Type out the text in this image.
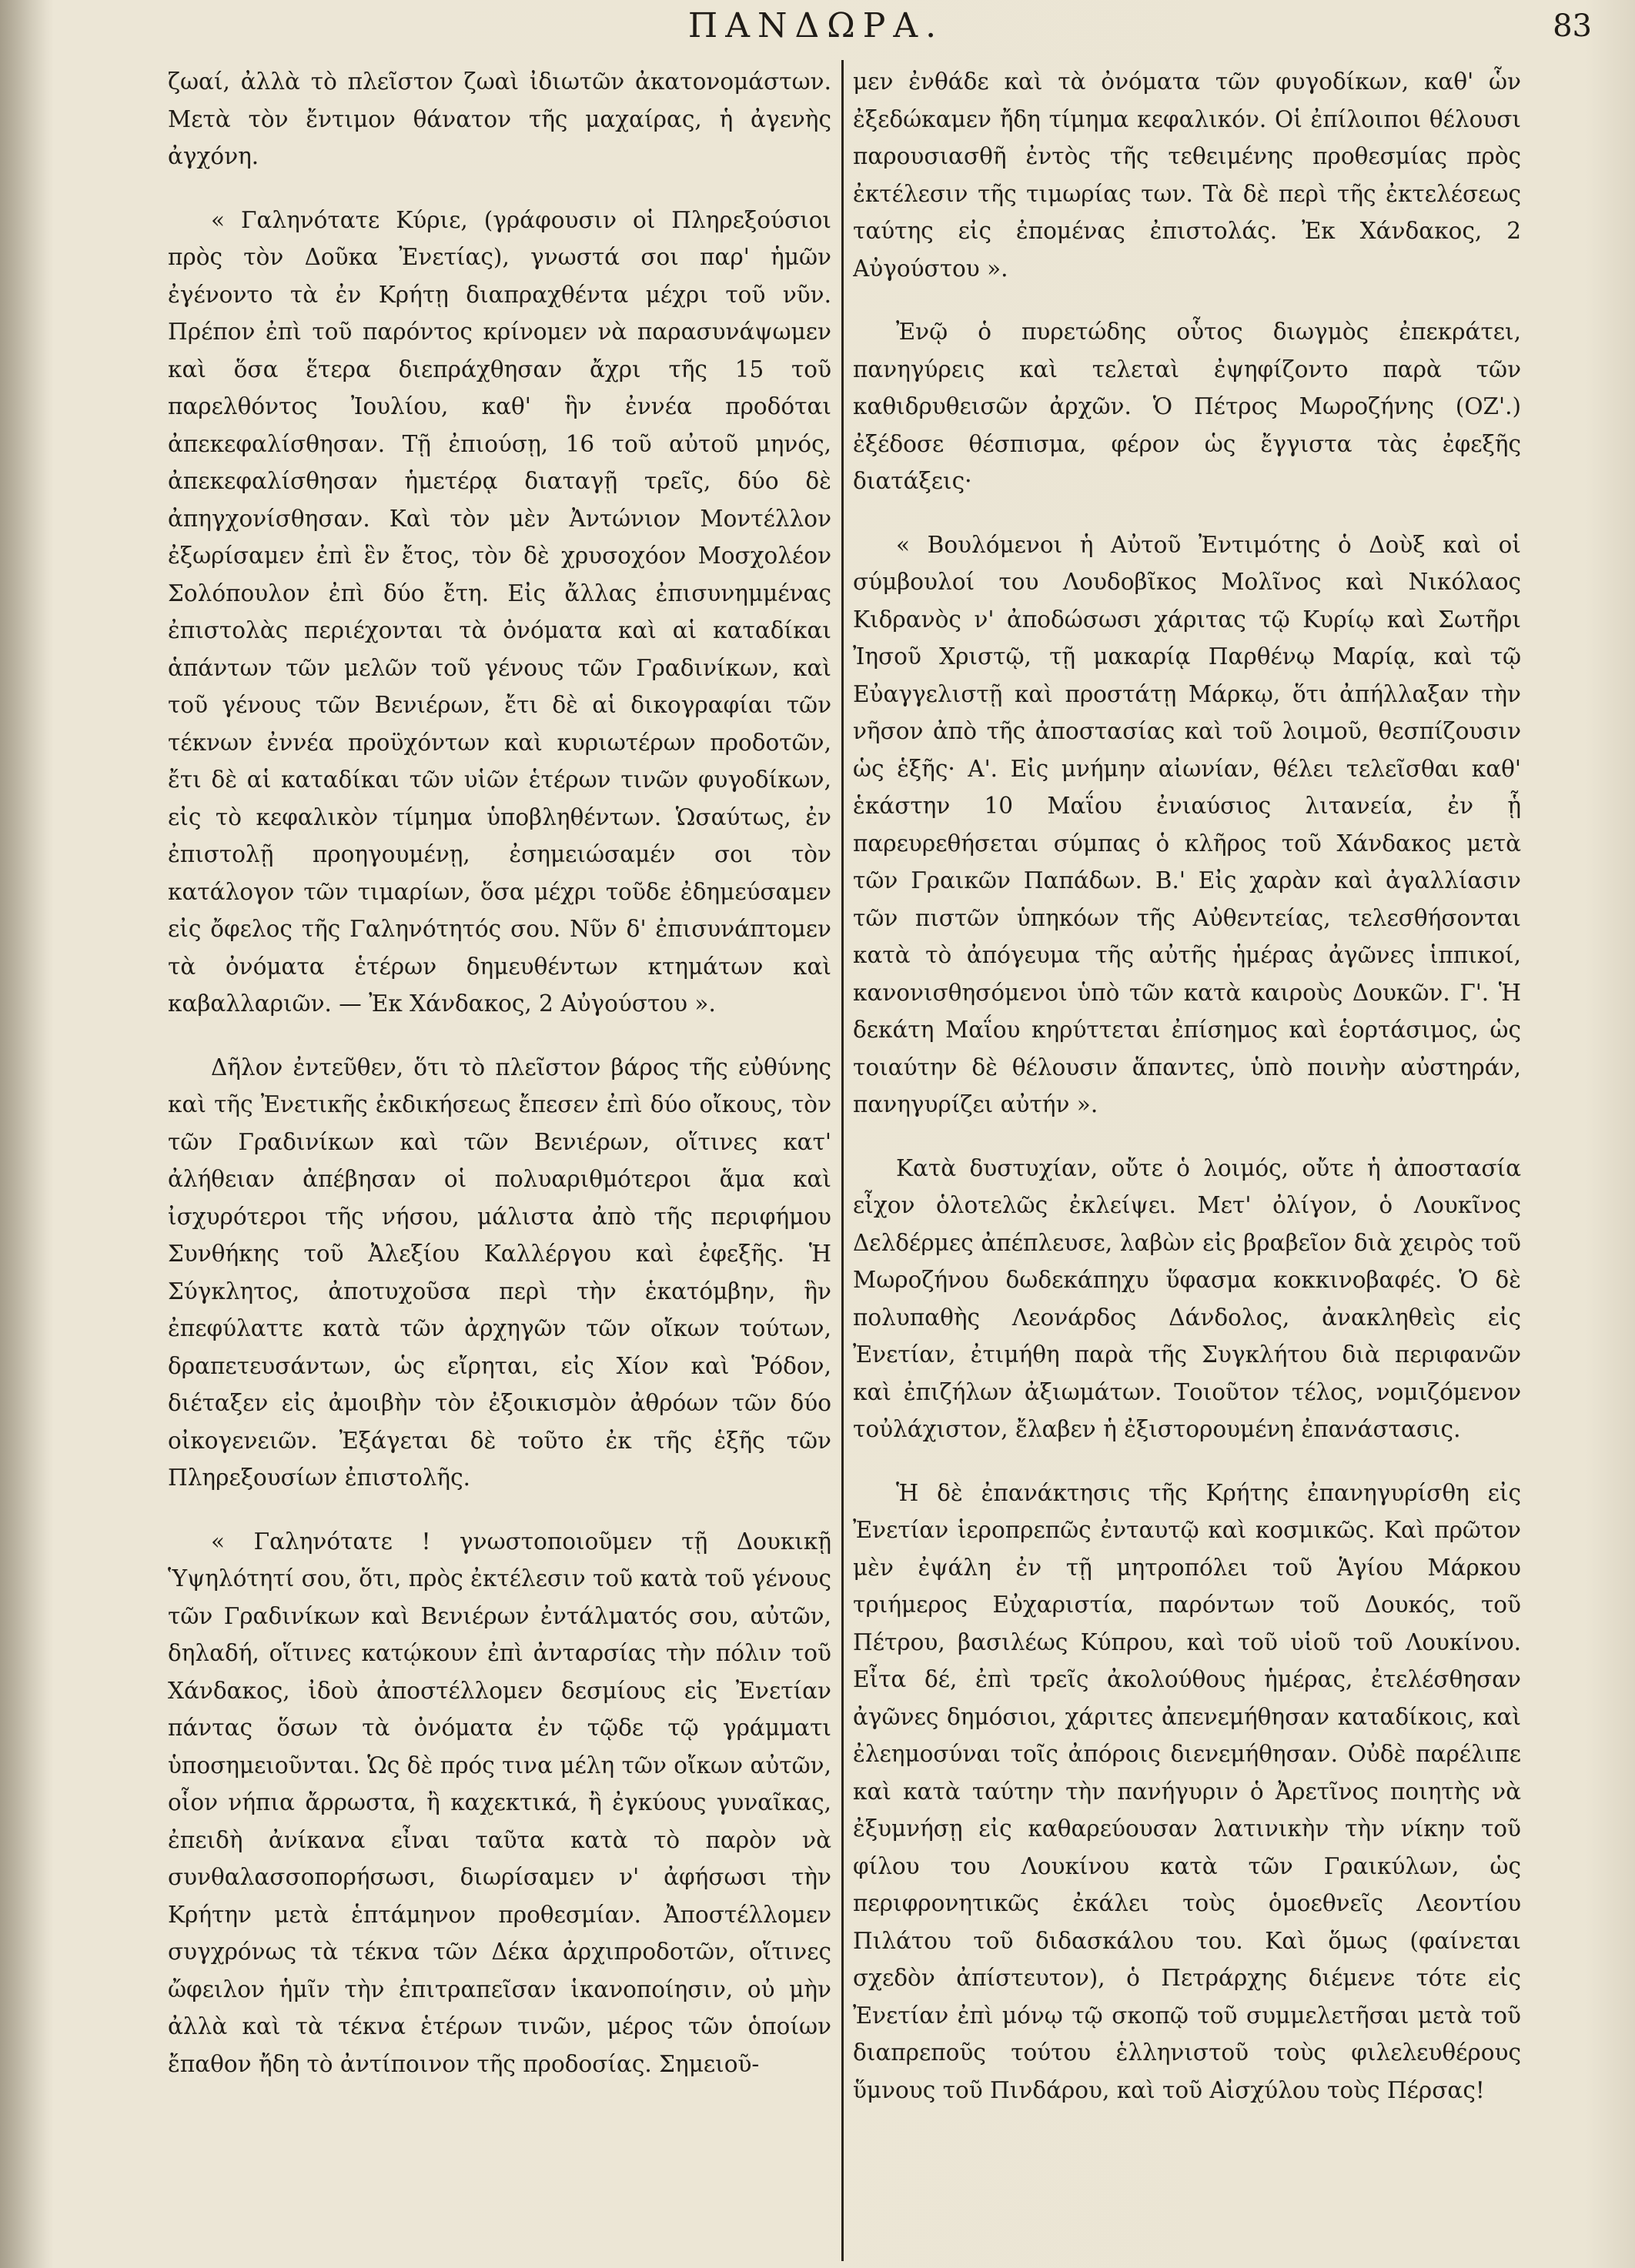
ΠΑΝΔΩΡΑ.	83

ζωαί, ἀλλὰ τὸ πλεῖστον ζωαὶ ἰδιωτῶν ἀκατονομάστων. Μετὰ τὸν ἔντιμον θάνατον τῆς μαχαίρας, ἡ ἀγενὴς ἀγχόνη.

« Γαληνότατε Κύριε, (γράφουσιν οἱ Πληρεξούσιοι πρὸς τὸν Δοῦκα Ἐνετίας), γνωστά σοι παρ' ἡμῶν ἐγένοντο τὰ ἐν Κρήτῃ διαπραχθέντα μέχρι τοῦ νῦν. Πρέπον ἐπὶ τοῦ παρόντος κρίνομεν νὰ παρασυνάψωμεν καὶ ὅσα ἕτερα διεπράχθησαν ἄχρι τῆς 15 τοῦ παρελθόντος Ἰουλίου, καθ' ἣν ἐννέα προδόται ἀπεκεφαλίσθησαν. Τῇ ἐπιούσῃ, 16 τοῦ αὐτοῦ μηνός, ἀπεκεφαλίσθησαν ἡμετέρᾳ διαταγῇ τρεῖς, δύο δὲ ἀπηγχονίσθησαν. Καὶ τὸν μὲν Ἀντώνιον Μοντέλλον ἐξωρίσαμεν ἐπὶ ἓν ἔτος, τὸν δὲ χρυσοχόον Μοσχολέον Σολόπουλον ἐπὶ δύο ἔτη. Εἰς ἄλλας ἐπισυνημμένας ἐπιστολὰς περιέχονται τὰ ὀνόματα καὶ αἱ καταδίκαι ἁπάντων τῶν μελῶν τοῦ γένους τῶν Γραδινίκων, καὶ τοῦ γένους τῶν Βενιέρων, ἔτι δὲ αἱ δικογραφίαι τῶν τέκνων ἐννέα προϋχόντων καὶ κυριωτέρων προδοτῶν, ἔτι δὲ αἱ καταδίκαι τῶν υἱῶν ἑτέρων τινῶν φυγοδίκων, εἰς τὸ κεφαλικὸν τίμημα ὑποβληθέντων. Ὡσαύτως, ἐν ἐπιστολῇ προηγουμένῃ, ἐσημειώσαμέν σοι τὸν κατάλογον τῶν τιμαρίων, ὅσα μέχρι τοῦδε ἐδημεύσαμεν εἰς ὄφελος τῆς Γαληνότητός σου. Νῦν δ' ἐπισυνάπτομεν τὰ ὀνόματα ἑτέρων δημευθέντων κτημάτων καὶ καβαλλαριῶν. — Ἐκ Χάνδακος, 2 Αὐγούστου ».

Δῆλον ἐντεῦθεν, ὅτι τὸ πλεῖστον βάρος τῆς εὐθύνης καὶ τῆς Ἐνετικῆς ἐκδικήσεως ἔπεσεν ἐπὶ δύο οἴκους, τὸν τῶν Γραδινίκων καὶ τῶν Βενιέρων, οἵτινες κατ' ἀλήθειαν ἀπέβησαν οἱ πολυαριθμότεροι ἅμα καὶ ἰσχυρότεροι τῆς νήσου, μάλιστα ἀπὸ τῆς περιφήμου Συνθήκης τοῦ Ἀλεξίου Καλλέργου καὶ ἐφεξῆς. Ἡ Σύγκλητος, ἀποτυχοῦσα περὶ τὴν ἑκατόμβην, ἣν ἐπεφύλαττε κατὰ τῶν ἀρχηγῶν τῶν οἴκων τούτων, δραπετευσάντων, ὡς εἴρηται, εἰς Χίον καὶ Ῥόδον, διέταξεν εἰς ἀμοιβὴν τὸν ἐξοικισμὸν ἀθρόων τῶν δύο οἰκογενειῶν. Ἐξάγεται δὲ τοῦτο ἐκ τῆς ἑξῆς τῶν Πληρεξουσίων ἐπιστολῆς.

« Γαληνότατε ! γνωστοποιοῦμεν τῇ Δουκικῇ Ὑψηλότητί σου, ὅτι, πρὸς ἐκτέλεσιν τοῦ κατὰ τοῦ γένους τῶν Γραδινίκων καὶ Βενιέρων ἐντάλματός σου, αὐτῶν, δηλαδή, οἵτινες κατῴκουν ἐπὶ ἀνταρσίας τὴν πόλιν τοῦ Χάνδακος, ἰδοὺ ἀποστέλλομεν δεσμίους εἰς Ἐνετίαν πάντας ὅσων τὰ ὀνόματα ἐν τῷδε τῷ γράμματι ὑποσημειοῦνται. Ὡς δὲ πρός τινα μέλη τῶν οἴκων αὐτῶν, οἷον νήπια ἄρρωστα, ἢ καχεκτικά, ἢ ἐγκύους γυναῖκας, ἐπειδὴ ἀνίκανα εἶναι ταῦτα κατὰ τὸ παρὸν νὰ συνθαλασσοπορήσωσι, διωρίσαμεν ν' ἀφήσωσι τὴν Κρήτην μετὰ ἑπτάμηνον προθεσμίαν. Ἀποστέλλομεν συγχρόνως τὰ τέκνα τῶν Δέκα ἀρχιπροδοτῶν, οἵτινες ὤφειλον ἡμῖν τὴν ἐπιτραπεῖσαν ἱκανοποίησιν, οὐ μὴν ἀλλὰ καὶ τὰ τέκνα ἑτέρων τινῶν, μέρος τῶν ὁποίων ἔπαθον ἤδη τὸ ἀντίποινον τῆς προδοσίας. Σημειοῦ-

μεν ἐνθάδε καὶ τὰ ὀνόματα τῶν φυγοδίκων, καθ' ὧν ἐξεδώκαμεν ἤδη τίμημα κεφαλικόν. Οἱ ἐπίλοιποι θέλουσι παρουσιασθῆ ἐντὸς τῆς τεθειμένης προθεσμίας πρὸς ἐκτέλεσιν τῆς τιμωρίας των. Τὰ δὲ περὶ τῆς ἐκτελέσεως ταύτης εἰς ἐπομένας ἐπιστολάς. Ἐκ Χάνδακος, 2 Αὐγούστου ».

Ἐνῷ ὁ πυρετώδης οὗτος διωγμὸς ἐπεκράτει, πανηγύρεις καὶ τελεταὶ ἐψηφίζοντο παρὰ τῶν καθιδρυθεισῶν ἀρχῶν. Ὁ Πέτρος Μωροζήνης (ΟΖ'.) ἐξέδοσε θέσπισμα, φέρον ὡς ἔγγιστα τὰς ἐφεξῆς διατάξεις·

« Βουλόμενοι ἡ Αὐτοῦ Ἐντιμότης ὁ Δοὺξ καὶ οἱ σύμβουλοί του Λουδοβῖκος Μολῖνος καὶ Νικόλαος Κιδρανὸς ν' ἀποδώσωσι χάριτας τῷ Κυρίῳ καὶ Σωτῆρι Ἰησοῦ Χριστῷ, τῇ μακαρίᾳ Παρθένῳ Μαρίᾳ, καὶ τῷ Εὐαγγελιστῇ καὶ προστάτῃ Μάρκῳ, ὅτι ἀπήλλαξαν τὴν νῆσον ἀπὸ τῆς ἀποστασίας καὶ τοῦ λοιμοῦ, θεσπίζουσιν ὡς ἑξῆς· Α'. Εἰς μνήμην αἰωνίαν, θέλει τελεῖσθαι καθ' ἑκάστην 10 Μαΐου ἐνιαύσιος λιτανεία, ἐν ᾗ παρευρεθήσεται σύμπας ὁ κλῆρος τοῦ Χάνδακος μετὰ τῶν Γραικῶν Παπάδων. Β.' Εἰς χαρὰν καὶ ἀγαλλίασιν τῶν πιστῶν ὑπηκόων τῆς Αὐθεντείας, τελεσθήσονται κατὰ τὸ ἀπόγευμα τῆς αὐτῆς ἡμέρας ἀγῶνες ἱππικοί, κανονισθησόμενοι ὑπὸ τῶν κατὰ καιροὺς Δουκῶν. Γ'. Ἡ δεκάτη Μαΐου κηρύττεται ἐπίσημος καὶ ἑορτάσιμος, ὡς τοιαύτην δὲ θέλουσιν ἅπαντες, ὑπὸ ποινὴν αὐστηράν, πανηγυρίζει αὐτήν ».

Κατὰ δυστυχίαν, οὔτε ὁ λοιμός, οὔτε ἡ ἀποστασία εἶχον ὁλοτελῶς ἐκλείψει. Μετ' ὀλίγον, ὁ Λουκῖνος Δελδέρμες ἀπέπλευσε, λαβὼν εἰς βραβεῖον διὰ χειρὸς τοῦ Μωροζήνου δωδεκάπηχυ ὕφασμα κοκκινοβαφές. Ὁ δὲ πολυπαθὴς Λεονάρδος Δάνδολος, ἀνακληθεὶς εἰς Ἐνετίαν, ἐτιμήθη παρὰ τῆς Συγκλήτου διὰ περιφανῶν καὶ ἐπιζήλων ἀξιωμάτων. Τοιοῦτον τέλος, νομιζόμενον τοὐλάχιστον, ἔλαβεν ἡ ἐξιστορουμένη ἐπανάστασις.

Ἡ δὲ ἐπανάκτησις τῆς Κρήτης ἐπανηγυρίσθη εἰς Ἐνετίαν ἱεροπρεπῶς ἐνταυτῷ καὶ κοσμικῶς. Καὶ πρῶτον μὲν ἐψάλη ἐν τῇ μητροπόλει τοῦ Ἁγίου Μάρκου τριήμερος Εὐχαριστία, παρόντων τοῦ Δουκός, τοῦ Πέτρου, βασιλέως Κύπρου, καὶ τοῦ υἱοῦ τοῦ Λουκίνου. Εἶτα δέ, ἐπὶ τρεῖς ἀκολούθους ἡμέρας, ἐτελέσθησαν ἀγῶνες δημόσιοι, χάριτες ἀπενεμήθησαν καταδίκοις, καὶ ἐλεημοσύναι τοῖς ἀπόροις διενεμήθησαν. Οὐδὲ παρέλιπε καὶ κατὰ ταύτην τὴν πανήγυριν ὁ Ἀρετῖνος ποιητὴς νὰ ἐξυμνήσῃ εἰς καθαρεύουσαν λατινικὴν τὴν νίκην τοῦ φίλου του Λουκίνου κατὰ τῶν Γραικύλων, ὡς περιφρονητικῶς ἐκάλει τοὺς ὁμοεθνεῖς Λεοντίου Πιλάτου τοῦ διδασκάλου του. Καὶ ὅμως (φαίνεται σχεδὸν ἀπίστευτον), ὁ Πετράρχης διέμενε τότε εἰς Ἐνετίαν ἐπὶ μόνῳ τῷ σκοπῷ τοῦ συμμελετῆσαι μετὰ τοῦ διαπρεποῦς τούτου ἑλληνιστοῦ τοὺς φιλελευθέρους ὕμνους τοῦ Πινδάρου, καὶ τοῦ Αἰσχύλου τοὺς Πέρσας!
